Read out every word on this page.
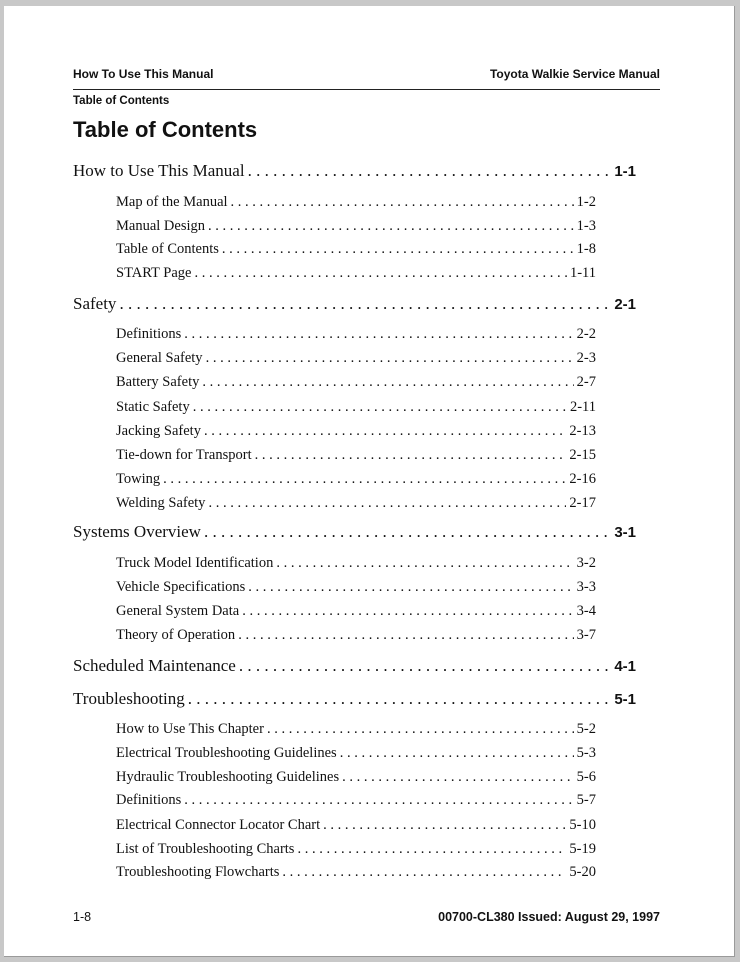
How To Use This Manual	Toyota Walkie Service Manual
Table of Contents
Table of Contents
How to Use This Manual . . .	1-1
Map of the Manual . . .	1-2
Manual Design . . .	1-3
Table of Contents . . .	1-8
START Page . . .	1-11
Safety . . .	2-1
Definitions . . .	2-2
General Safety . . .	2-3
Battery Safety . . .	2-7
Static Safety . . .	2-11
Jacking Safety . . .	2-13
Tie-down for Transport . . .	2-15
Towing . . .	2-16
Welding Safety . . .	2-17
Systems Overview . . .	3-1
Truck Model Identification . . .	3-2
Vehicle Specifications . . .	3-3
General System Data . . .	3-4
Theory of Operation . . .	3-7
Scheduled Maintenance . . .	4-1
Troubleshooting . . .	5-1
How to Use This Chapter . . .	5-2
Electrical Troubleshooting Guidelines . . .	5-3
Hydraulic Troubleshooting Guidelines . . .	5-6
Definitions . . .	5-7
Electrical Connector Locator Chart . . .	5-10
List of Troubleshooting Charts . . .	5-19
Troubleshooting Flowcharts . . .	5-20
1-8	00700-CL380 Issued: August 29, 1997
